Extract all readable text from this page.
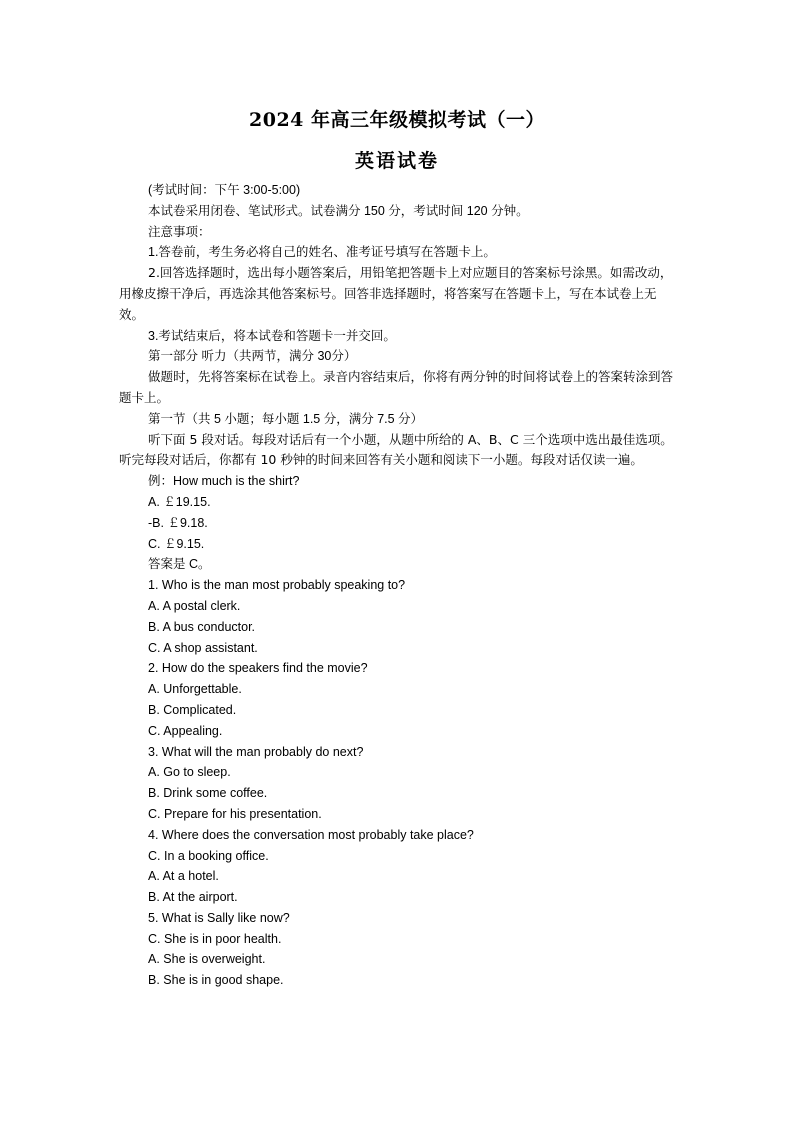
2024 年高三年级模拟考试（一）
英语试卷

(考试时间：下午 3:00-5:00)

本试卷采用闭卷、笔试形式。试卷满分 150 分，考试时间 120 分钟。

注意事项：

1.答卷前，考生务必将自己的姓名、准考证号填写在答题卡上。

2.回答选择题时，选出每小题答案后，用铅笔把答题卡上对应题目的答案标号涂黑。如需改动，用橡皮擦干净后，再选涂其他答案标号。回答非选择题时，将答案写在答题卡上，写在本试卷上无效。

3.考试结束后，将本试卷和答题卡一并交回。

第一部分 听力（共两节，满分 30分）

做题时，先将答案标在试卷上。录音内容结束后，你将有两分钟的时间将试卷上的答案转涂到答题卡上。

第一节（共 5 小题；每小题 1.5 分，满分 7.5 分）

听下面 5 段对话。每段对话后有一个小题，从题中所给的 A、B、C 三个选项中选出最佳选项。听完每段对话后，你都有 10 秒钟的时间来回答有关小题和阅读下一小题。每段对话仅读一遍。

例：How much is the shirt?

A. ￡19.15.

-B. ￡9.18.

C. ￡9.15.

答案是 C。

1. Who is the man most probably speaking to?

A. A postal clerk.

B. A bus conductor.

C. A shop assistant.

2. How do the speakers find the movie?

A. Unforgettable.

B. Complicated.

C. Appealing.

3. What will the man probably do next?

A. Go to sleep.

B. Drink some coffee.

C. Prepare for his presentation.

4. Where does the conversation most probably take place?

C. In a booking office.

A. At a hotel.

B. At the airport.

5. What is Sally like now?

C. She is in poor health.

A. She is overweight.

B. She is in good shape.
